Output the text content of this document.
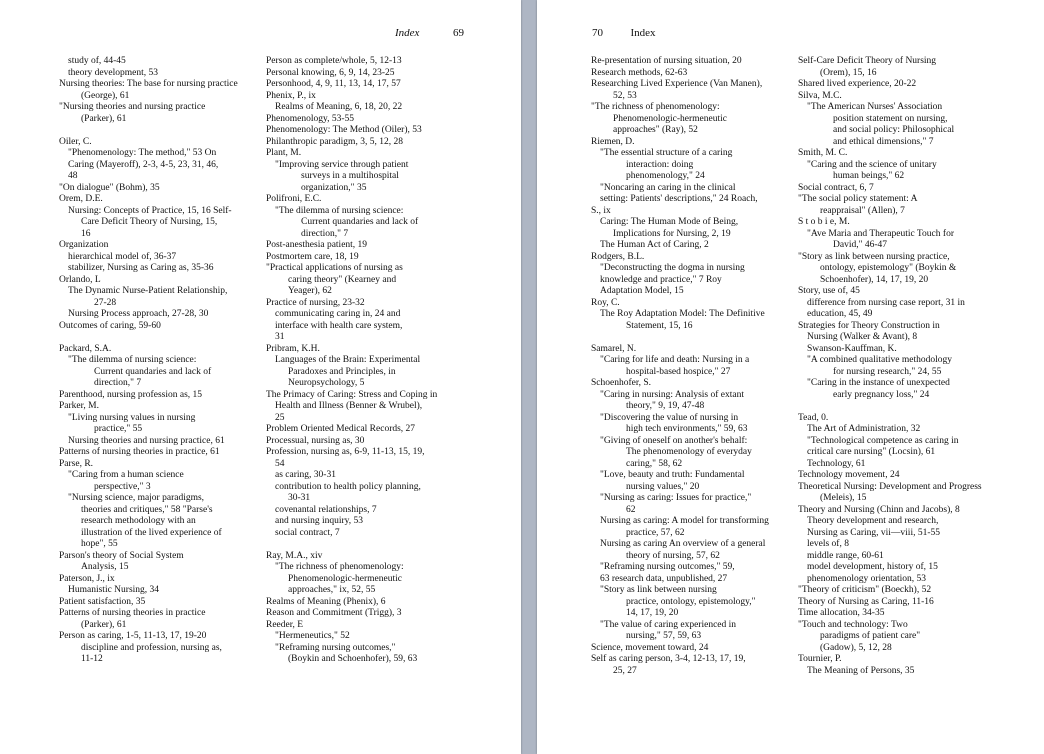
Index	69
study of, 44-45
theory development, 53
Nursing theories: The base for nursing practice
(George), 61
"Nursing theories and nursing practice
(Parker), 61
Oiler, C.
"Phenomenology: The method," 53 On
Caring (Mayeroff), 2-3, 4-5, 23, 31, 46,
48
"On dialogue" (Bohm), 35
Orem, D.E.
Nursing: Concepts of Practice, 15, 16 Self-
Care Deficit Theory of Nursing, 15,
16
Organization
hierarchical model of, 36-37
stabilizer, Nursing as Caring as, 35-36
Orlando, L
The Dynamic Nurse-Patient Relationship,
27-28
Nursing Process approach, 27-28, 30
Outcomes of caring, 59-60
Packard, S.A.
"The dilemma of nursing science:
Current quandaries and lack of
direction," 7
Parenthood, nursing profession as, 15
Parker, M.
"Living nursing values in nursing
practice," 55
Nursing theories and nursing practice, 61
Patterns of nursing theories in practice, 61
Parse, R.
"Caring from a human science
perspective," 3
"Nursing science, major paradigms,
theories and critiques," 58 "Parse's
research methodology with an
illustration of the lived experience of
hope", 55
Parson's theory of Social System
Analysis, 15
Paterson, J., ix
Humanistic Nursing, 34
Patient satisfaction, 35
Patterns of nursing theories in practice
(Parker), 61
Person as caring, 1-5, 11-13, 17, 19-20
discipline and profession, nursing as,
11-12
Person as complete/whole, 5, 12-13
Personal knowing, 6, 9, 14, 23-25
Personhood, 4, 9, 11, 13, 14, 17, 57
Phenix, P., ix
Realms of Meaning, 6, 18, 20, 22
Phenomenology, 53-55
Phenomenology: The Method (Oiler), 53
Philanthropic paradigm, 3, 5, 12, 28
Plant, M.
"Improving service through patient
surveys in a multihospital
organization," 35
Polifroni, E.C.
"The dilemma of nursing science:
Current quandaries and lack of
direction," 7
Post-anesthesia patient, 19
Postmortem care, 18, 19
"Practical applications of nursing as
caring theory" (Kearney and
Yeager), 62
Practice of nursing, 23-32
communicating caring in, 24 and
interface with health care system,
31
Pribram, K.H.
Languages of the Brain: Experimental
Paradoxes and Principles, in
Neuropsychology, 5
The Primacy of Caring: Stress and Coping in
Health and Illness (Benner & Wrubel),
25
Problem Oriented Medical Records, 27
Processual, nursing as, 30
Profession, nursing as, 6-9, 11-13, 15, 19,
54
as caring, 30-31
contribution to health policy planning,
30-31
covenantal relationships, 7
and nursing inquiry, 53
social contract, 7
Ray, M.A., xiv
"The richness of phenomenology:
Phenomenologic-hermeneutic
approaches," ix, 52, 55
Realms of Meaning (Phenix), 6
Reason and Commitment (Trigg), 3
Reeder, E
"Hermeneutics," 52
"Reframing nursing outcomes,"
(Boykin and Schoenhofer), 59, 63
70	Index
Re-presentation of nursing situation, 20
Research methods, 62-63
Researching Lived Experience (Van Manen),
52, 53
"The richness of phenomenology:
Phenomenologic-hermeneutic
approaches" (Ray), 52
Riemen, D.
"The essential structure of a caring
interaction: doing
phenomenology," 24
"Noncaring an caring in the clinical
setting: Patients' descriptions," 24 Roach,
S., ix
Caring: The Human Mode of Being,
Implications for Nursing, 2, 19
The Human Act of Caring, 2
Rodgers, B.L.
"Deconstructing the dogma in nursing
knowledge and practice," 7 Roy
Adaptation Model, 15
Roy, C.
The Roy Adaptation Model: The Definitive
Statement, 15, 16
Samarel, N.
"Caring for life and death: Nursing in a
hospital-based hospice," 27
Schoenhofer, S.
"Caring in nursing: Analysis of extant
theory," 9, 19, 47-48
"Discovering the value of nursing in
high tech environments," 59, 63
"Giving of oneself on another's behalf:
The phenomenology of everyday
caring," 58, 62
"Love, beauty and truth: Fundamental
nursing values," 20
"Nursing as caring: Issues for practice,"
62
Nursing as caring: A model for transforming
practice, 57, 62
Nursing as caring An overview of a general
theory of nursing, 57, 62
"Reframing nursing outcomes," 59,
63 research data, unpublished, 27
"Story as link between nursing
practice, ontology, epistemology,"
14, 17, 19, 20
"The value of caring experienced in
nursing," 57, 59, 63
Science, movement toward, 24
Self as caring person, 3-4, 12-13, 17, 19,
25, 27
Self-Care Deficit Theory of Nursing
(Orem), 15, 16
Shared lived experience, 20-22
Silva, M.C.
"The American Nurses' Association
position statement on nursing,
and social policy: Philosophical
and ethical dimensions," 7
Smith, M. C.
"Caring and the science of unitary
human beings," 62
Social contract, 6, 7
"The social policy statement: A
reappraisal" (Allen), 7
S t o b i e, M.
"Ave Maria and Therapeutic Touch for
David," 46-47
"Story as link between nursing practice,
ontology, epistemology" (Boykin &
Schoenhofer), 14, 17, 19, 20
Story, use of, 45
difference from nursing case report, 31 in
education, 45, 49
Strategies for Theory Construction in
Nursing (Walker & Avant), 8
Swanson-Kauffman, K.
"A combined qualitative methodology
for nursing research," 24, 55
"Caring in the instance of unexpected
early pregnancy loss," 24
Tead, 0.
The Art of Administration, 32
"Technological competence as caring in
critical care nursing" (Locsin), 61
Technology, 61
Technology movement, 24
Theoretical Nursing: Development and Progress
(Meleis), 15
Theory and Nursing (Chinn and Jacobs), 8
Theory development and research,
Nursing as Caring, vii—viii, 51-55
levels of, 8
middle range, 60-61
model development, history of, 15
phenomenology orientation, 53
"Theory of criticism" (Boeckh), 52
Theory of Nursing as Caring, 11-16
Time allocation, 34-35
"Touch and technology: Two
paradigms of patient care"
(Gadow), 5, 12, 28
Tournier, P.
The Meaning of Persons, 35
